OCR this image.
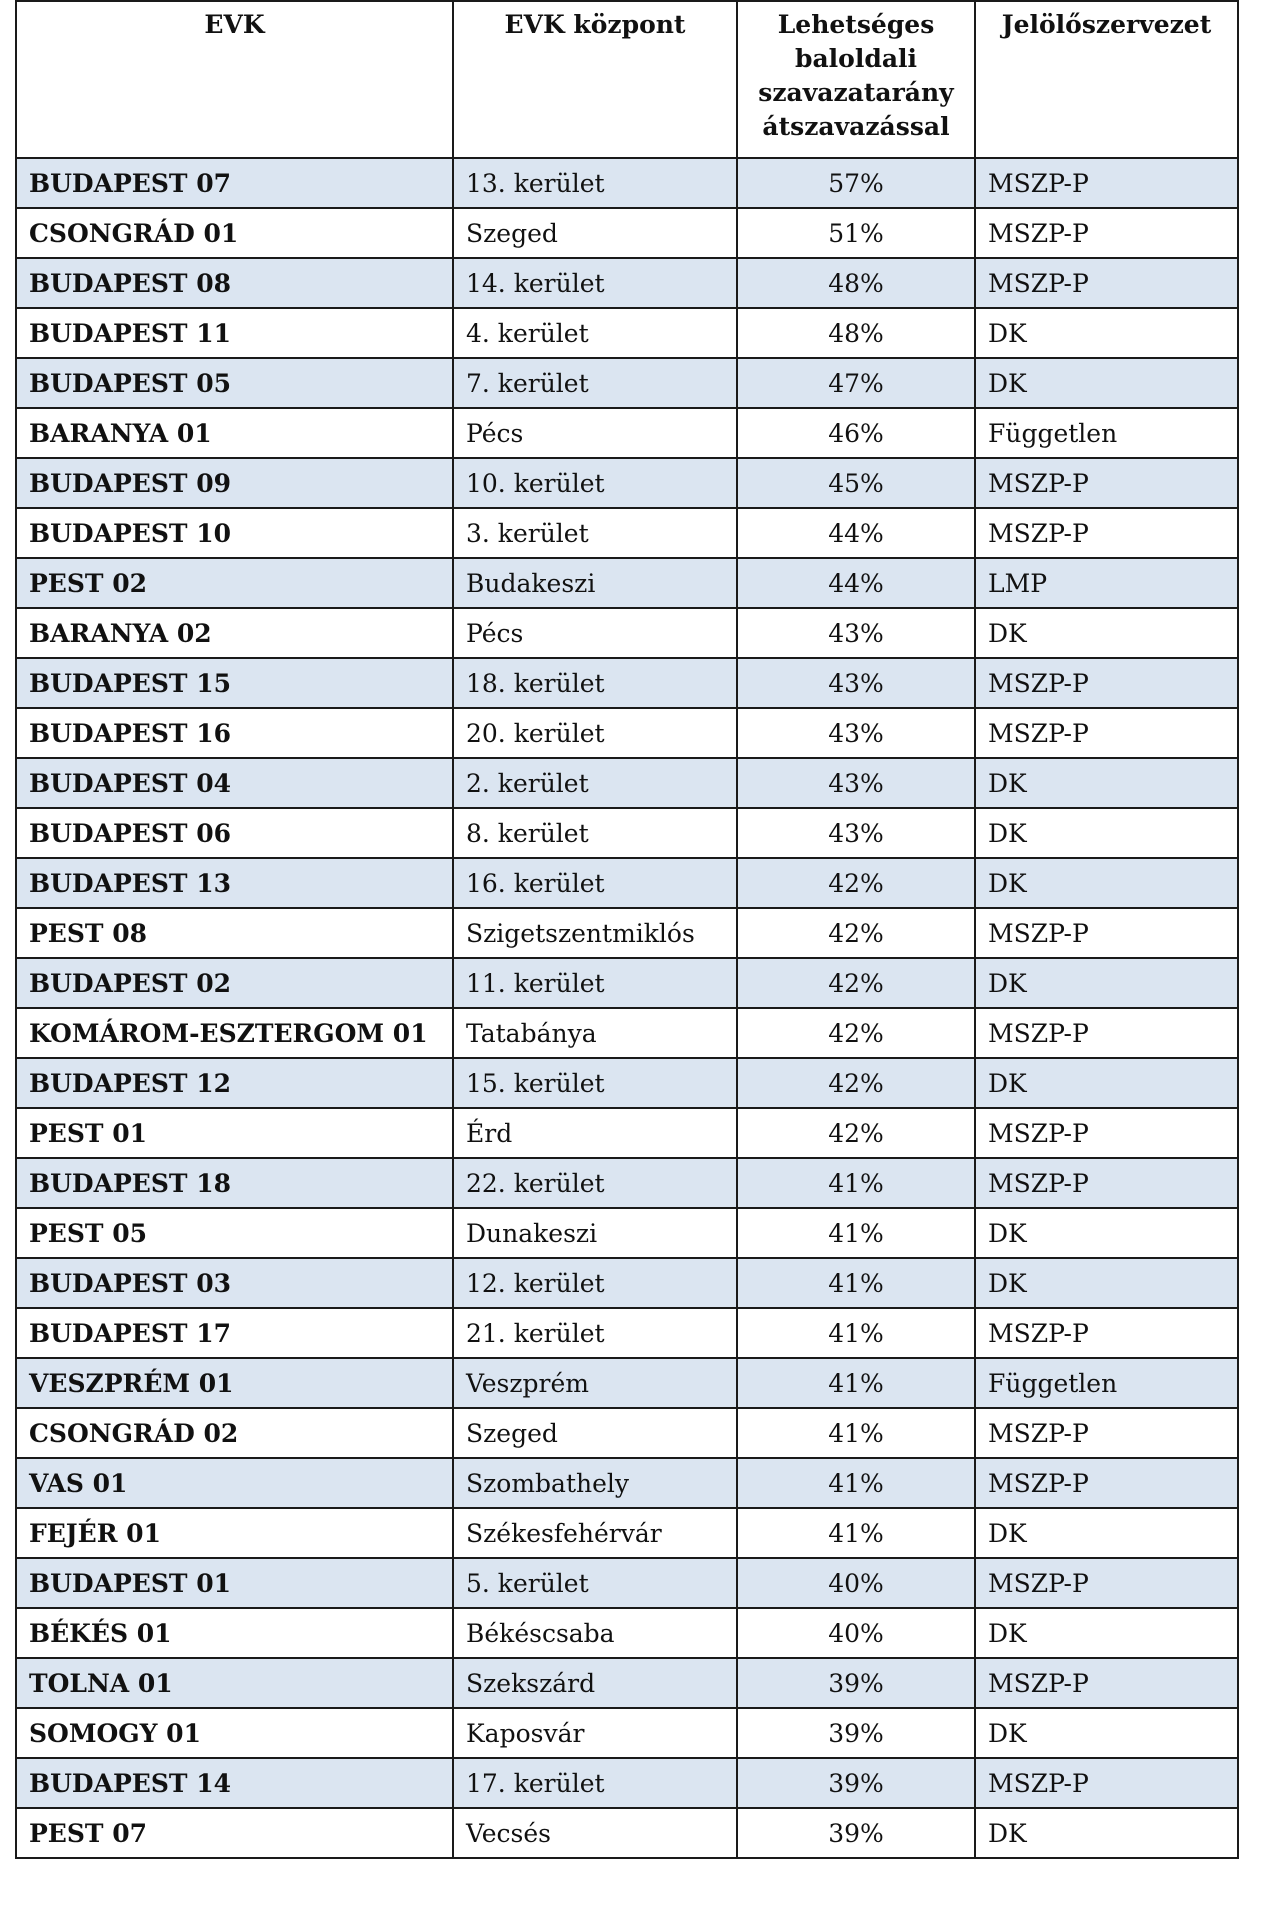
EVK	EVK központ	Lehetséges baloldali szavazatarány átszavazással	Jelölőszervezet
BUDAPEST 07	13. kerület	57%	MSZP-P
CSONGRÁD 01	Szeged	51%	MSZP-P
BUDAPEST 08	14. kerület	48%	MSZP-P
BUDAPEST 11	4. kerület	48%	DK
BUDAPEST 05	7. kerület	47%	DK
BARANYA 01	Pécs	46%	Független
BUDAPEST 09	10. kerület	45%	MSZP-P
BUDAPEST 10	3. kerület	44%	MSZP-P
PEST 02	Budakeszi	44%	LMP
BARANYA 02	Pécs	43%	DK
BUDAPEST 15	18. kerület	43%	MSZP-P
BUDAPEST 16	20. kerület	43%	MSZP-P
BUDAPEST 04	2. kerület	43%	DK
BUDAPEST 06	8. kerület	43%	DK
BUDAPEST 13	16. kerület	42%	DK
PEST 08	Szigetszentmiklós	42%	MSZP-P
BUDAPEST 02	11. kerület	42%	DK
KOMÁROM-ESZTERGOM 01	Tatabánya	42%	MSZP-P
BUDAPEST 12	15. kerület	42%	DK
PEST 01	Érd	42%	MSZP-P
BUDAPEST 18	22. kerület	41%	MSZP-P
PEST 05	Dunakeszi	41%	DK
BUDAPEST 03	12. kerület	41%	DK
BUDAPEST 17	21. kerület	41%	MSZP-P
VESZPRÉM 01	Veszprém	41%	Független
CSONGRÁD 02	Szeged	41%	MSZP-P
VAS 01	Szombathely	41%	MSZP-P
FEJÉR 01	Székesfehérvár	41%	DK
BUDAPEST 01	5. kerület	40%	MSZP-P
BÉKÉS 01	Békéscsaba	40%	DK
TOLNA 01	Szekszárd	39%	MSZP-P
SOMOGY 01	Kaposvár	39%	DK
BUDAPEST 14	17. kerület	39%	MSZP-P
PEST 07	Vecsés	39%	DK
